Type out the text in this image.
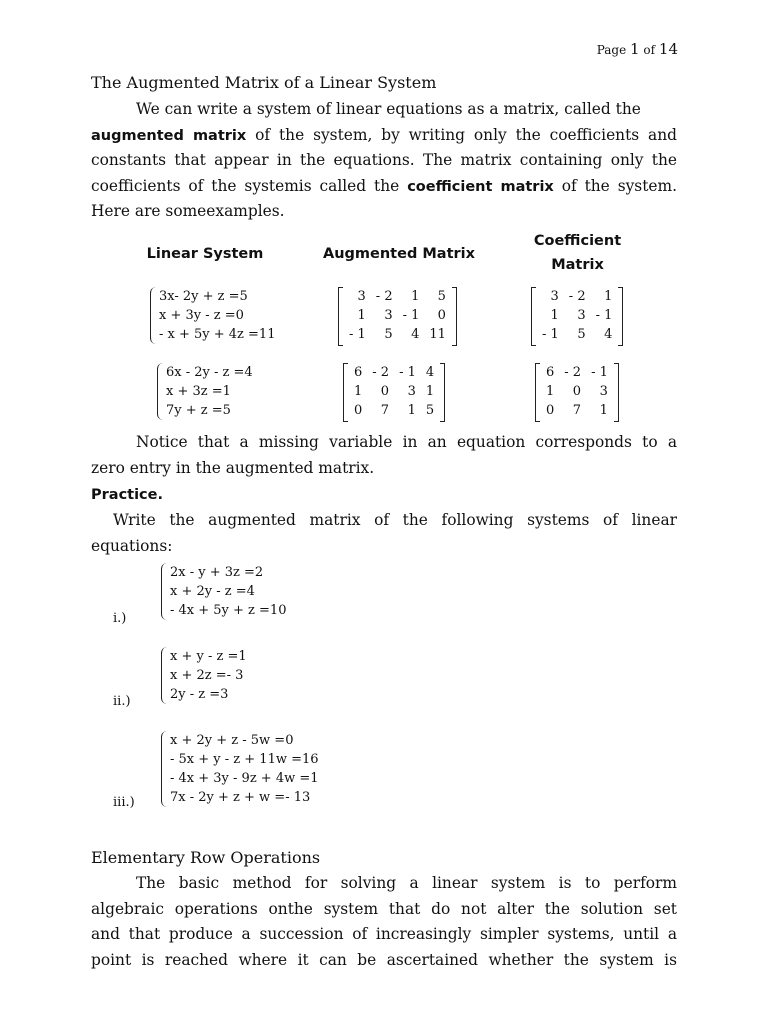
Page 1 of 14
The Augmented Matrix of a Linear System
We can write a system of linear equations as a matrix, called the
augmented matrix of the system, by writing only the coefficients and
constants that appear in the equations. The matrix containing only the
coefficients of the systemis called the coefficient matrix of the system.
Here are someexamples.
Linear System	Augmented Matrix
Coefficient
Matrix
3x- 2y + z =5
x + 3y - z =0
- x + 5y + 4z =11
3	- 2	1	5
1	3	- 1	0
- 1	5	4	11
3	- 2	1
1	3	- 1
- 1	5	4
6x - 2y - z =4
x + 3z =1
7y + z =5
6	- 2	- 1	4
1	0	3	1
0	7	1	5
6	- 2	- 1
1	0	3
0	7	1
Notice that a missing variable in an equation corresponds to a
zero entry in the augmented matrix.
Practice.
Write the augmented matrix of the following systems of linear
equations:
2x - y + 3z =2
x + 2y - z =4
- 4x + 5y + z =10
i.)
x + y - z =1
x + 2z =- 3
2y - z =3
ii.)
x + 2y + z - 5w =0
- 5x + y - z + 11w =16
- 4x + 3y - 9z + 4w =1
7x - 2y + z + w =- 13
iii.)
Elementary Row Operations
The basic method for solving a linear system is to perform
algebraic operations onthe system that do not alter the solution set
and that produce a succession of increasingly simpler systems, until a
point is reached where it can be ascertained whether the system is
